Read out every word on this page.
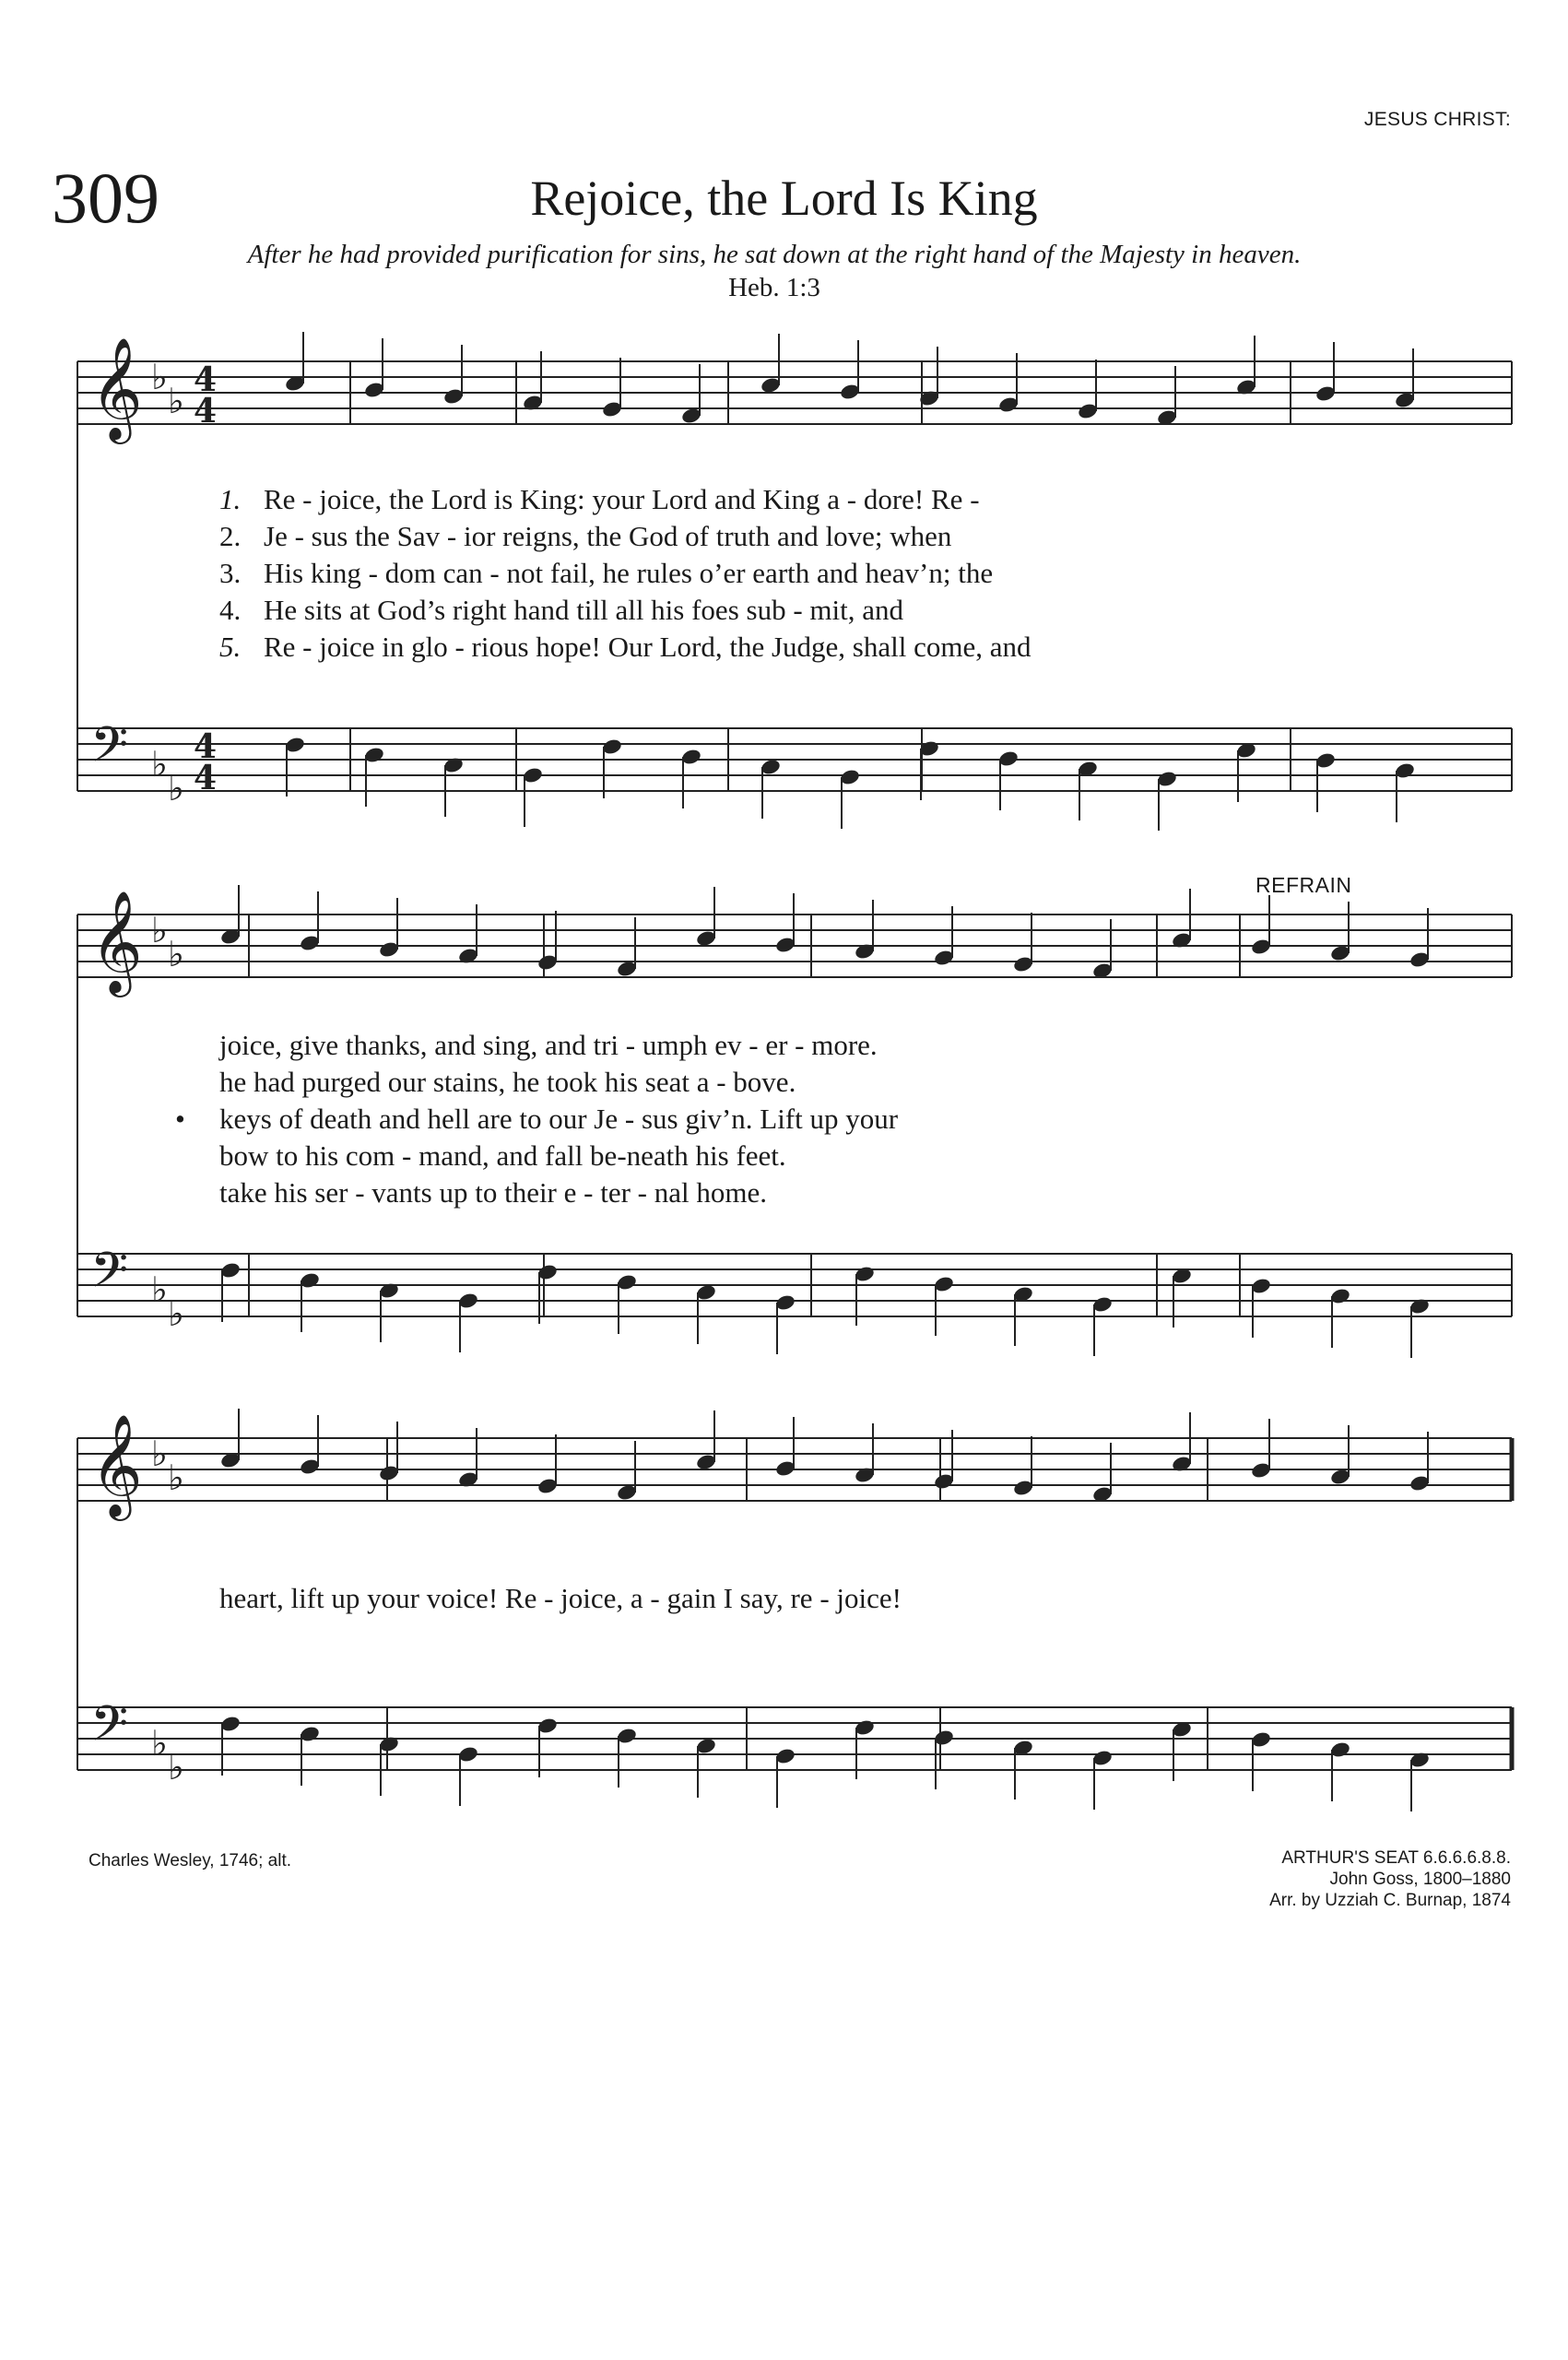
JESUS CHRIST:
309	Rejoice, the Lord Is King
After he had provided purification for sins, he sat down at the right hand of the Majesty in heaven. Heb. 1:3
𝄞 ♭
♭
4
4
𝄢 ♭
♭
4
4
𝄞 ♭
♭
𝄢 ♭
♭
𝄞 ♭
♭
𝄢 ♭
♭
1. Re - joice, the Lord is King: your Lord and King a - dore! Re -
2. Je - sus the Sav - ior reigns, the God of truth and love; when
3. His king - dom can - not fail, he rules o’er earth and heav’n; the
4. He sits at God’s right hand till all his foes sub - mit, and
5. Re - joice in glo - rious hope! Our Lord, the Judge, shall come, and
REFRAIN
joice, give thanks, and sing, and tri - umph ev - er - more.
he had purged our stains, he took his seat a - bove.
• keys of death and hell are to our Je - sus giv’n. Lift up your
bow to his com - mand, and fall be-neath his feet.
take his ser - vants up to their e - ter - nal home.
heart, lift up your voice! Re - joice, a - gain I say, re - joice!
Charles Wesley, 1746; alt.	ARTHUR'S SEAT 6.6.6.6.8.8.
John Goss, 1800–1880
Arr. by Uzziah C. Burnap, 1874
